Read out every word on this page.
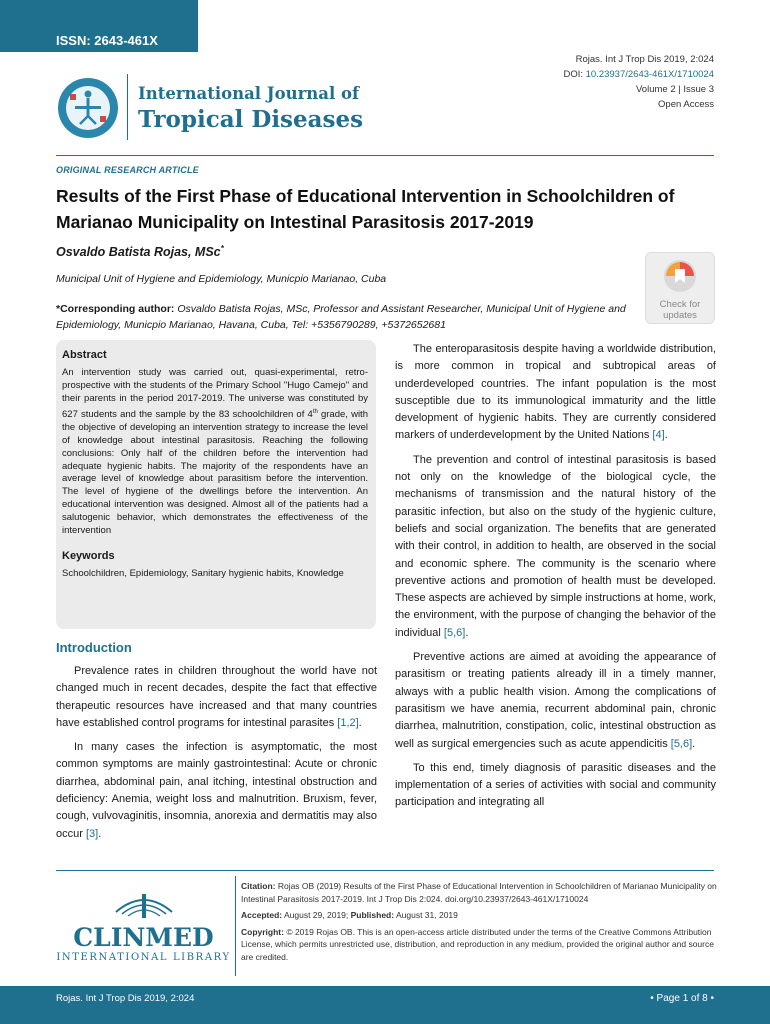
ISSN: 2643-461X
Rojas. Int J Trop Dis 2019, 2:024
DOI: 10.23937/2643-461X/1710024
Volume 2 | Issue 3
Open Access
International Journal of
Tropical Diseases
ORIGINAL RESEARCH ARTICLE
Results of the First Phase of Educational Intervention in Schoolchildren of Marianao Municipality on Intestinal Parasitosis 2017-2019
Osvaldo Batista Rojas, MSc*
Municipal Unit of Hygiene and Epidemiology, Municpio Marianao, Cuba
*Corresponding author: Osvaldo Batista Rojas, MSc, Professor and Assistant Researcher, Municipal Unit of Hygiene and Epidemiology, Municpio Marianao, Havana, Cuba, Tel: +5356790289, +5372652681
Check for
updates
Abstract

An intervention study was carried out, quasi-experimental, retro-prospective with the students of the Primary School "Hugo Camejo" and their parents in the period 2017-2019. The universe was constituted by 627 students and the sample by the 83 schoolchildren of 4th grade, with the objective of developing an intervention strategy to increase the level of knowledge about intestinal parasitosis. Reaching the following conclusions: Only half of the children before the intervention had adequate hygienic habits. The majority of the respondents have an average level of knowledge about parasitism before the intervention. The level of hygiene of the dwellings before the intervention. An educational intervention was designed. Almost all of the patients had a salutogenic behavior, which demonstrates the effectiveness of the intervention

Keywords

Schoolchildren, Epidemiology, Sanitary hygienic habits, Knowledge

Introduction

Prevalence rates in children throughout the world have not changed much in recent decades, despite the fact that effective therapeutic resources have increased and that many countries have established control programs for intestinal parasites [1,2].

In many cases the infection is asymptomatic, the most common symptoms are mainly gastrointestinal: Acute or chronic diarrhea, abdominal pain, anal itching, intestinal obstruction and deficiency: Anemia, weight loss and malnutrition. Bruxism, fever, cough, vulvovaginitis, insomnia, anorexia and dermatitis may also occur [3].

The enteroparasitosis despite having a worldwide distribution, is more common in tropical and subtropical areas of underdeveloped countries. The infant population is the most susceptible due to its immunological immaturity and the little development of hygienic habits. They are currently considered markers of underdevelopment by the United Nations [4].

The prevention and control of intestinal parasitosis is based not only on the knowledge of the biological cycle, the mechanisms of transmission and the natural history of the parasitic infection, but also on the study of the hygienic culture, beliefs and social organization. The benefits that are generated with their control, in addition to health, are observed in the social and economic sphere. The community is the scenario where preventive actions and promotion of health must be developed. These aspects are achieved by simple instructions at home, work, the environment, with the purpose of changing the behavior of the individual [5,6].

Preventive actions are aimed at avoiding the appearance of parasitism or treating patients already ill in a timely manner, always with a public health vision. Among the complications of parasitism we have anemia, recurrent abdominal pain, chronic diarrhea, malnutrition, constipation, colic, intestinal obstruction as well as surgical emergencies such as acute appendicitis [5,6].

To this end, timely diagnosis of parasitic diseases and the implementation of a series of activities with social and community participation and integrating all

CLINMED
INTERNATIONAL LIBRARY

Citation: Rojas OB (2019) Results of the First Phase of Educational Intervention in Schoolchildren of Marianao Municipality on Intestinal Parasitosis 2017-2019. Int J Trop Dis 2:024. doi.org/10.23937/2643-461X/1710024

Accepted: August 29, 2019; Published: August 31, 2019

Copyright: © 2019 Rojas OB. This is an open-access article distributed under the terms of the Creative Commons Attribution License, which permits unrestricted use, distribution, and reproduction in any medium, provided the original author and source are credited.

Rojas. Int J Trop Dis 2019, 2:024	• Page 1 of 8 •
